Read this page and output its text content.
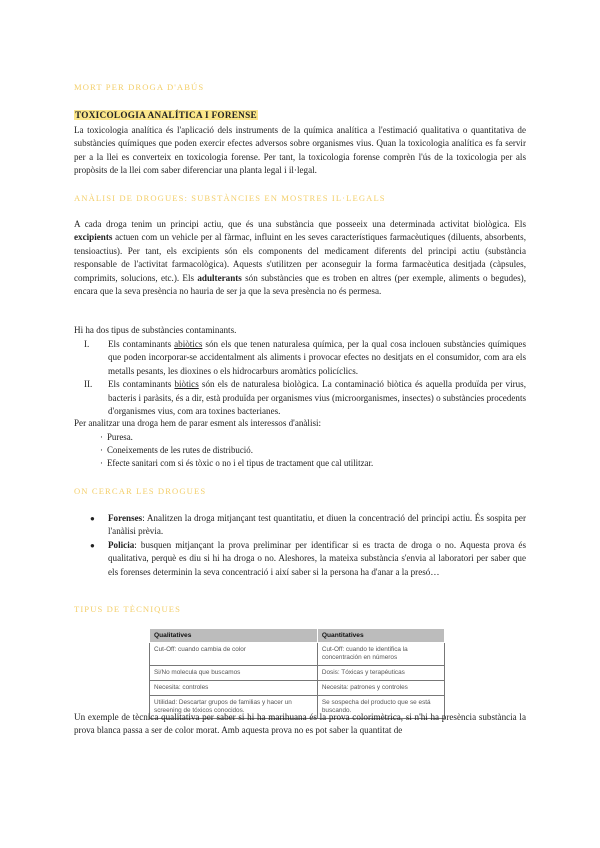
MORT PER DROGA D'ABÚS
TOXICOLOGIA ANALÍTICA I FORENSE
La toxicologia analítica és l'aplicació dels instruments de la química analítica a l'estimació qualitativa o quantitativa de substàncies químiques que poden exercir efectes adversos sobre organismes vius. Quan la toxicologia analítica es fa servir per a la llei es converteix en toxicologia forense. Per tant, la toxicologia forense comprèn l'ús de la toxicologia per als propòsits de la llei com saber diferenciar una planta legal i il·legal.
ANÀLISI DE DROGUES: SUBSTÀNCIES EN MOSTRES IL·LEGALS
A cada droga tenim un principi actiu, que és una substància que posseeix una determinada activitat biològica. Els excipients actuen com un vehicle per al fàrmac, influint en les seves característiques farmacèutiques (diluents, absorbents, tensioactius). Per tant, els excipients són els components del medicament diferents del principi actiu (substància responsable de l'activitat farmacològica). Aquests s'utilitzen per aconseguir la forma farmacèutica desitjada (càpsules, comprimits, solucions, etc.). Els adulterants són substàncies que es troben en altres (per exemple, aliments o begudes), encara que la seva presència no hauria de ser ja que la seva presència no és permesa.
Hi ha dos tipus de substàncies contaminants.
I.	Els contaminants abiòtics són els que tenen naturalesa química, per la qual cosa inclouen substàncies químiques que poden incorporar-se accidentalment als aliments i provocar efectes no desitjats en el consumidor, com ara els metalls pesants, les dioxines o els hidrocarburs aromàtics policíclics.
II.	Els contaminants biòtics són els de naturalesa biològica. La contaminació biòtica és aquella produïda per virus, bacteris i paràsits, és a dir, està produïda per organismes vius (microorganismes, insectes) o substàncies procedents d'organismes vius, com ara toxines bacterianes.
Per analitzar una droga hem de parar esment als interessos d'anàlisi:
· Puresa.
· Coneixements de les rutes de distribució.
· Efecte sanitari com si és tòxic o no i el tipus de tractament que cal utilitzar.
ON CERCAR LES DROGUES
●	Forenses: Analitzen la droga mitjançant test quantitatiu, et diuen la concentració del principi actiu. És sospita per l'anàlisi prèvia.
●	Policia: busquen mitjançant la prova preliminar per identificar si es tracta de droga o no. Aquesta prova és qualitativa, perquè es diu si hi ha droga o no. Aleshores, la mateixa substància s'envia al laboratori per saber que els forenses determinin la seva concentració i així saber si la persona ha d'anar a la presó…
TIPUS DE TÈCNIQUES
Qualitatives	Quantitatives
Cut-Off: cuando cambia de color	Cut-Off: cuando te identifica la concentración en números
Si/No molecula que buscamos	Dosis: Tóxicas y terapéuticas
Necesita: controles	Necesita: patrones y controles
Utilidad: Descartar grupos de familias y hacer un screening de tóxicos conocidos.	Se sospecha del producto que se está buscando.
Un exemple de tècnica qualitativa per saber si hi ha marihuana és la prova colorimètrica, si n'hi ha presència substància la prova blanca passa a ser de color morat. Amb aquesta prova no es pot saber la quantitat de
